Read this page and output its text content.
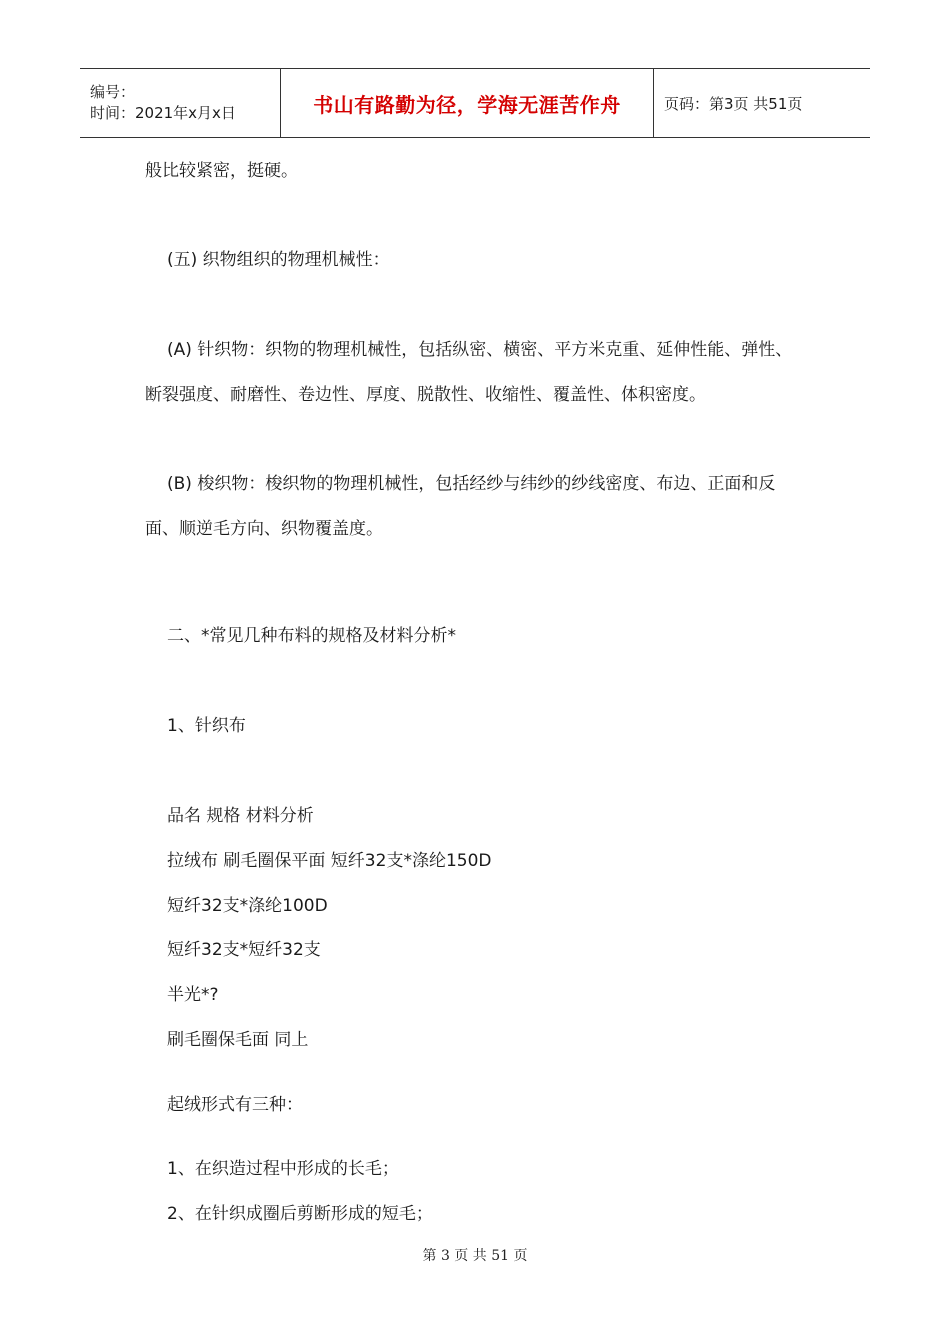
编号：
时间：2021年x月x日	书山有路勤为径，学海无涯苦作舟	页码：第3页 共51页

般比较紧密，挺硬。

(五) 织物组织的物理机械性：

(A) 针织物：织物的物理机械性，包括纵密、横密、平方米克重、延伸性能、弹性、

断裂强度、耐磨性、卷边性、厚度、脱散性、收缩性、覆盖性、体积密度。

(B) 梭织物：梭织物的物理机械性，包括经纱与纬纱的纱线密度、布边、正面和反

面、顺逆毛方向、织物覆盖度。

二、*常见几种布料的规格及材料分析*

1、针织布

品名 规格 材料分析

拉绒布 刷毛圈保平面 短纤32支*涤纶150D

短纤32支*涤纶100D

短纤32支*短纤32支

半光*?

刷毛圈保毛面 同上

起绒形式有三种：

1、在织造过程中形成的长毛；

2、在针织成圈后剪断形成的短毛；

第 3 页 共 51 页
